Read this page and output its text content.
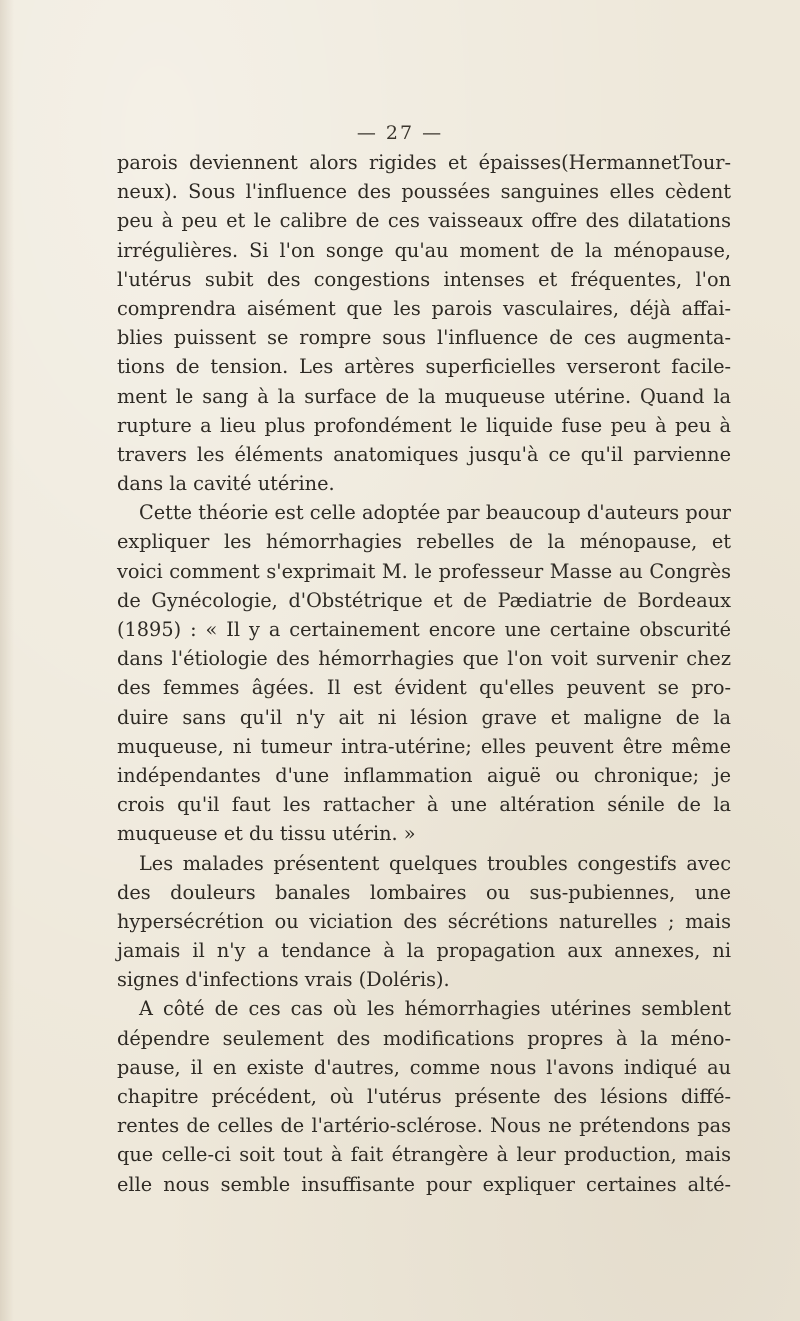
— 27 —
parois deviennent alors rigides et épaisses(HermannetTour-
neux). Sous l'influence des poussées sanguines elles cèdent
peu à peu et le calibre de ces vaisseaux offre des dilatations
irrégulières. Si l'on songe qu'au moment de la ménopause,
l'utérus subit des congestions intenses et fréquentes, l'on
comprendra aisément que les parois vasculaires, déjà affai-
blies puissent se rompre sous l'influence de ces augmenta-
tions de tension. Les artères superficielles verseront facile-
ment le sang à la surface de la muqueuse utérine. Quand la
rupture a lieu plus profondément le liquide fuse peu à peu à
travers les éléments anatomiques jusqu'à ce qu'il parvienne
dans la cavité utérine.
Cette théorie est celle adoptée par beaucoup d'auteurs pour
expliquer les hémorrhagies rebelles de la ménopause, et
voici comment s'exprimait M. le professeur Masse au Congrès
de Gynécologie, d'Obstétrique et de Pædiatrie de Bordeaux
(1895) : « Il y a certainement encore une certaine obscurité
dans l'étiologie des hémorrhagies que l'on voit survenir chez
des femmes âgées. Il est évident qu'elles peuvent se pro-
duire sans qu'il n'y ait ni lésion grave et maligne de la
muqueuse, ni tumeur intra-utérine; elles peuvent être même
indépendantes d'une inflammation aiguë ou chronique; je
crois qu'il faut les rattacher à une altération sénile de la
muqueuse et du tissu utérin. »
Les malades présentent quelques troubles congestifs avec
des douleurs banales lombaires ou sus-pubiennes, une
hypersécrétion ou viciation des sécrétions naturelles ; mais
jamais il n'y a tendance à la propagation aux annexes, ni
signes d'infections vrais (Doléris).
A côté de ces cas où les hémorrhagies utérines semblent
dépendre seulement des modifications propres à la méno-
pause, il en existe d'autres, comme nous l'avons indiqué au
chapitre précédent, où l'utérus présente des lésions diffé-
rentes de celles de l'artério-sclérose. Nous ne prétendons pas
que celle-ci soit tout à fait étrangère à leur production, mais
elle nous semble insuffisante pour expliquer certaines alté-
